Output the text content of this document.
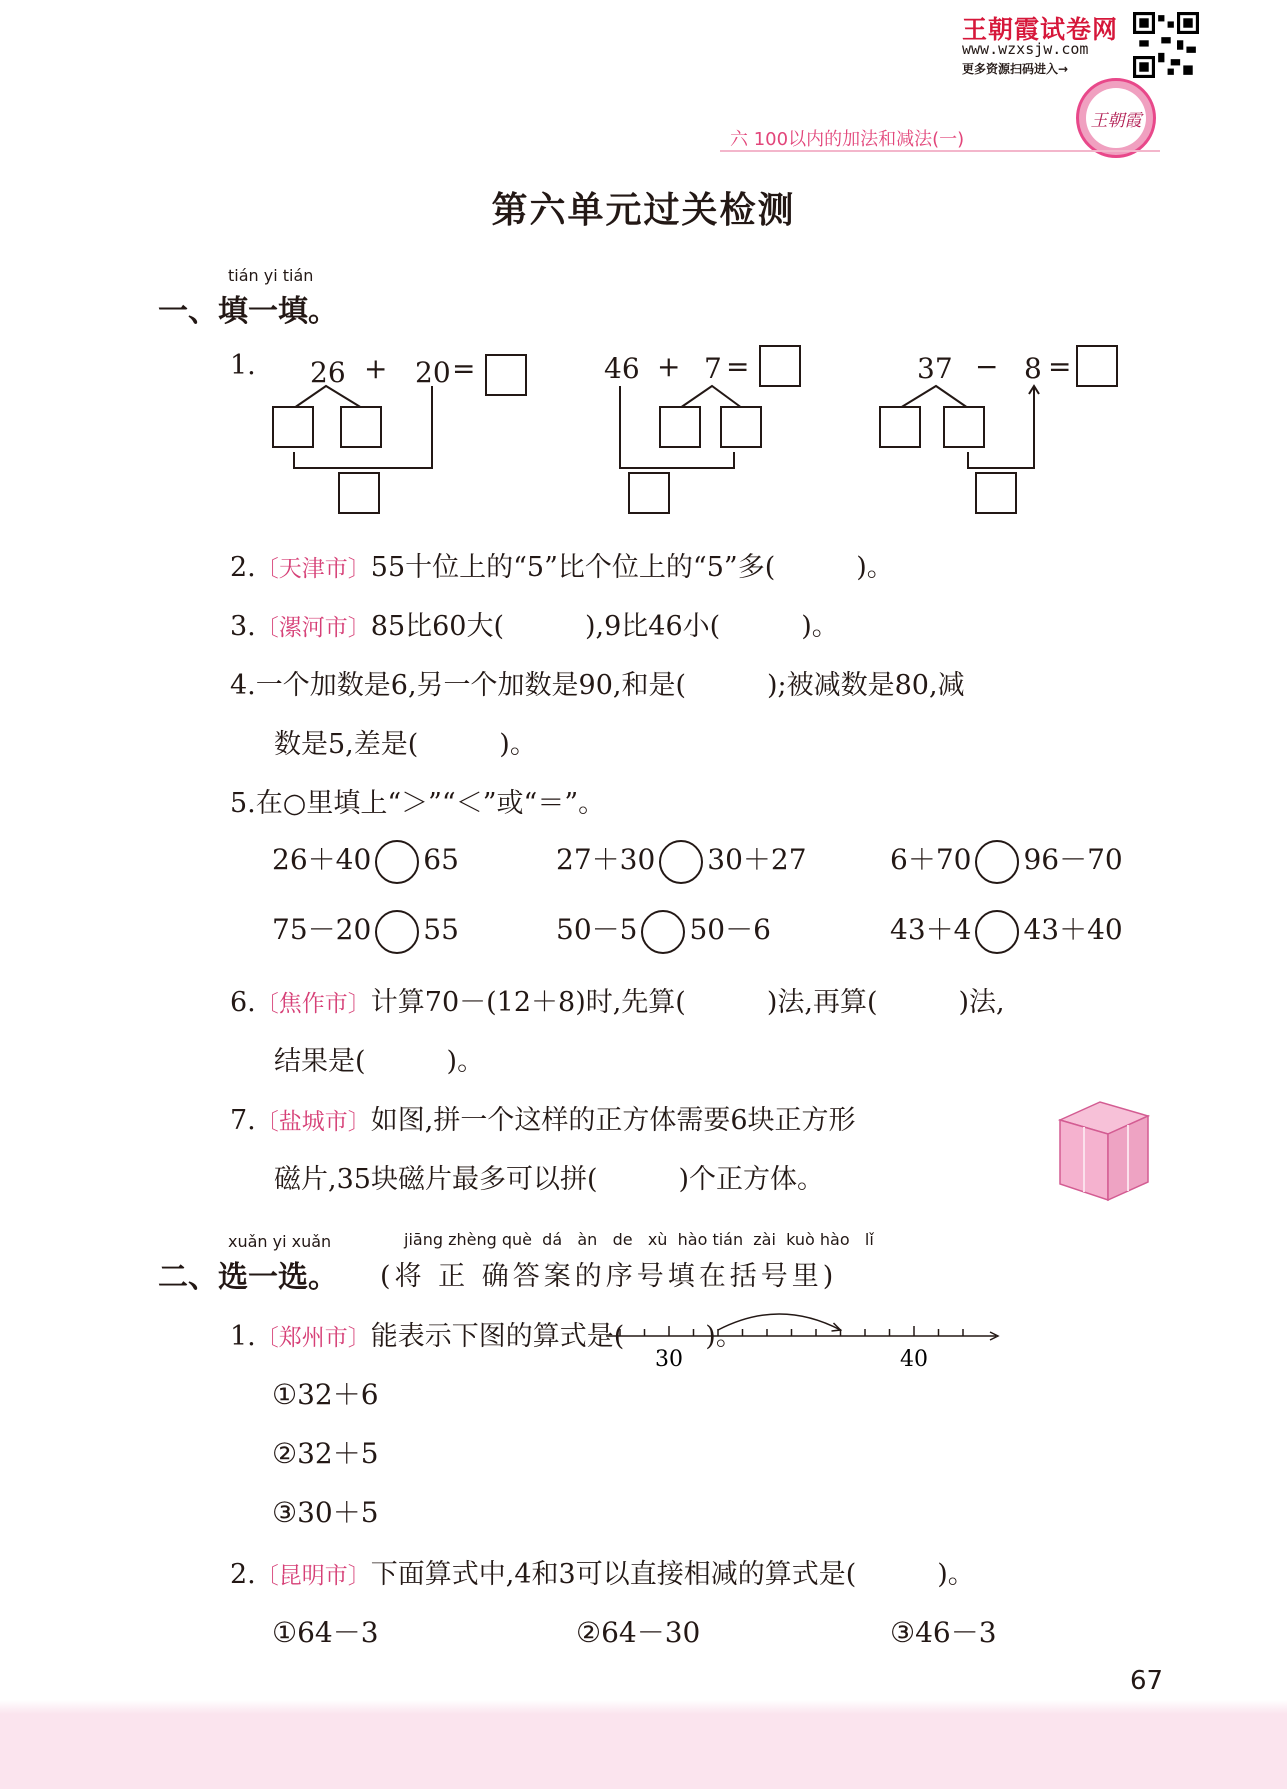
王朝霞试卷网
www.wzxsjw.com
更多资源扫码进入→
王朝霞
六 100以内的加法和减法(一)
第六单元过关检测
tián yi tián
一、填一填。
1. 26 + 20 =	46 + 7 =	37 − 8 =
2.〔天津市〕55十位上的“5”比个位上的“5”多(　　　)。
3.〔漯河市〕85比60大(　　　),9比46小(　　　)。
4.一个加数是6,另一个加数是90,和是(　　　);被减数是80,减
数是5,差是(　　　)。
5.在○里填上“＞”“＜”或“＝”。
26＋40 65	27＋30 30＋27	6＋70 96－70
75－20 55	50－5 50－6	43＋4 43＋40
6.〔焦作市〕计算70－(12＋8)时,先算(　　　)法,再算(　　　)法,
结果是(　　　)。
7.〔盐城市〕如图,拼一个这样的正方体需要6块正方形
磁片,35块磁片最多可以拼(　　　)个正方体。
xuǎn yi xuǎn	jiāng zhèng què  dá   àn   de   xù  hào tián  zài  kuò hào   lǐ
二、选一选。 (将 正 确答案的序号填在括号里)
1.〔郑州市〕能表示下图的算式是(　　　)。
①32＋6
②32＋5
③30＋5
30	40
2.〔昆明市〕下面算式中,4和3可以直接相减的算式是(　　　)。
①64－3	②64－30	③46－3
67
